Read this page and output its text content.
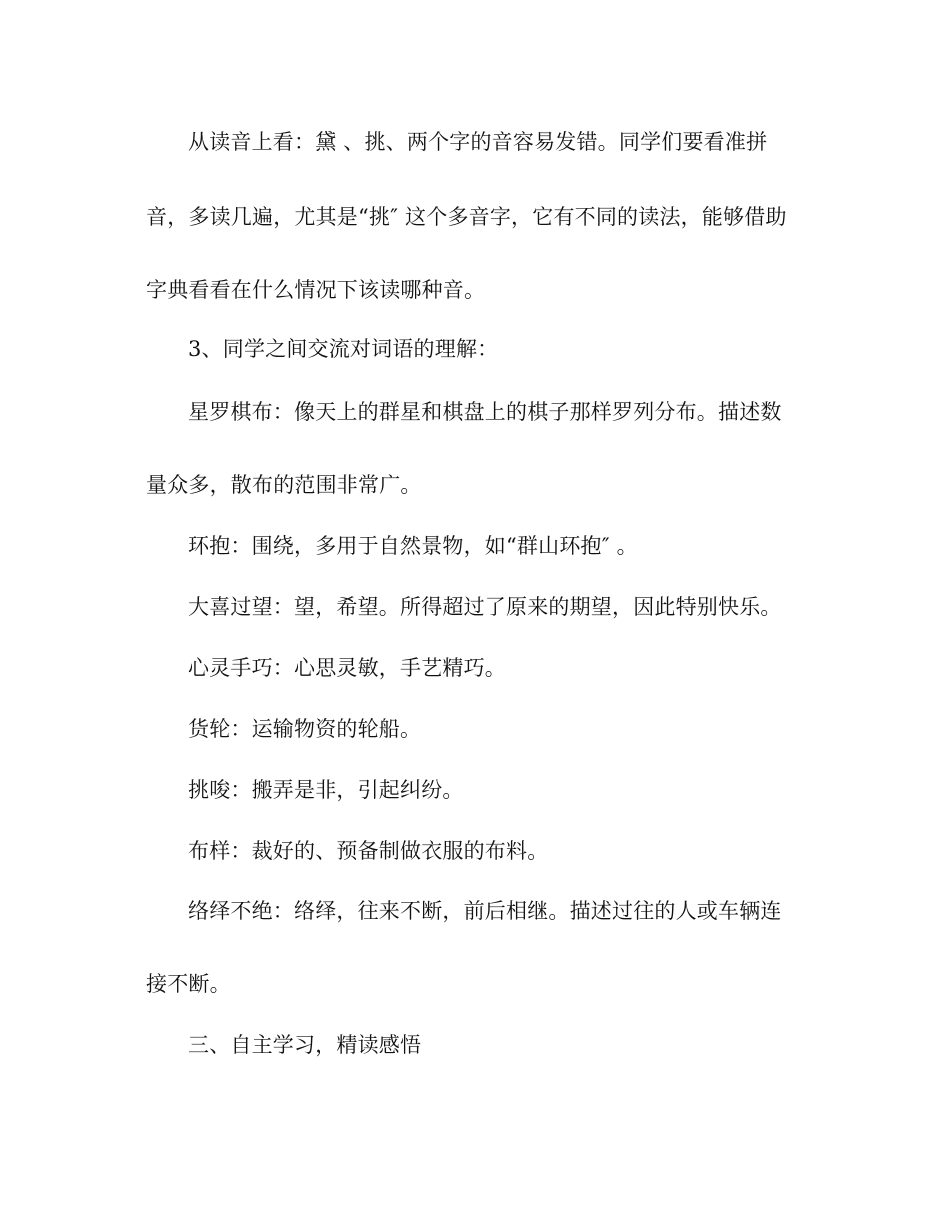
从读音上看：黛 、挑、两个字的音容易发错。同学们要看准拼
音，多读几遍，尤其是“挑″ 这个多音字，它有不同的读法，能够借助
字典看看在什么情况下该读哪种音。
3、同学之间交流对词语的理解：
星罗棋布：像天上的群星和棋盘上的棋子那样罗列分布。描述数
量众多，散布的范围非常广。
环抱：围绕，多用于自然景物，如“群山环抱″ 。
大喜过望：望，希望。所得超过了原来的期望，因此特别快乐。
心灵手巧：心思灵敏，手艺精巧。
货轮：运输物资的轮船。
挑唆：搬弄是非，引起纠纷。
布样：裁好的、预备制做衣服的布料。
络绎不绝：络绎，往来不断，前后相继。描述过往的人或车辆连
接不断。
三、自主学习，精读感悟
